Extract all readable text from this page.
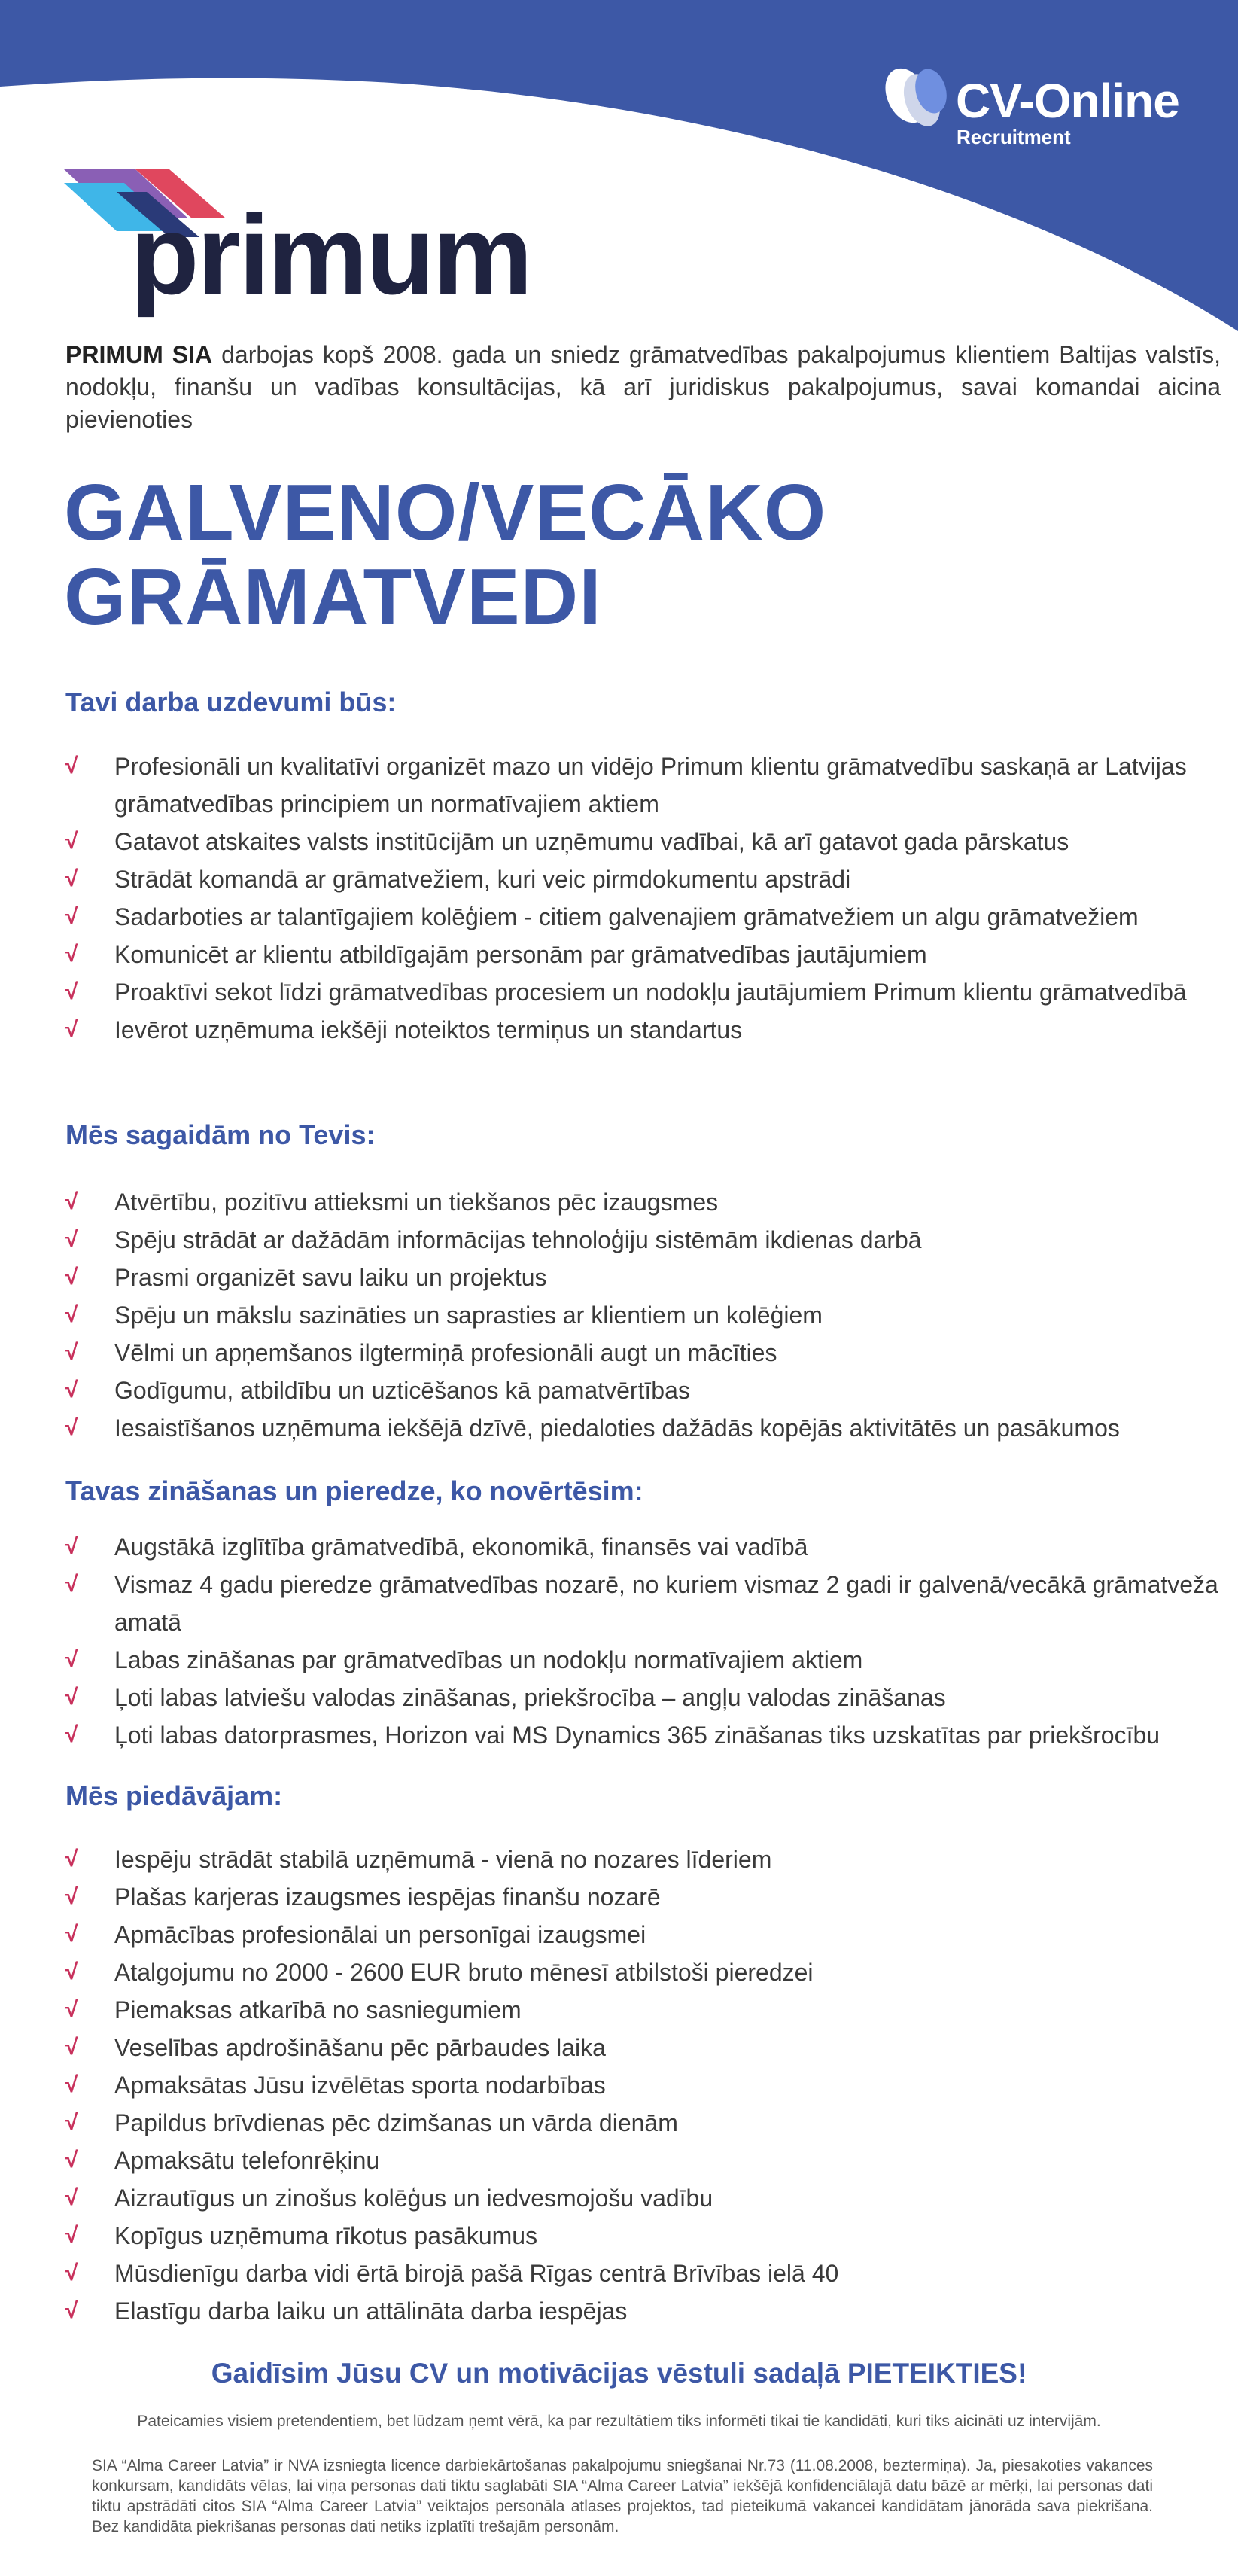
CV-Online
Recruitment
primum
PRIMUM SIA darbojas kopš 2008. gada un sniedz grāmatvedības pakalpojumus klientiem Baltijas valstīs, nodokļu, finanšu un vadības konsultācijas, kā arī juridiskus pakalpojumus, savai komandai aicina pievienoties
GALVENO/VECĀKO
GRĀMATVEDI
Tavi darba uzdevumi būs:
√ Profesionāli un kvalitatīvi organizēt mazo un vidējo Primum klientu grāmatvedību saskaņā ar Latvijas grāmatvedības principiem un normatīvajiem aktiem
√ Gatavot atskaites valsts institūcijām un uzņēmumu vadībai, kā arī gatavot gada pārskatus
√ Strādāt komandā ar grāmatvežiem, kuri veic pirmdokumentu apstrādi
√ Sadarboties ar talantīgajiem kolēģiem - citiem galvenajiem grāmatvežiem un algu grāmatvežiem
√ Komunicēt ar klientu atbildīgajām personām par grāmatvedības jautājumiem
√ Proaktīvi sekot līdzi grāmatvedības procesiem un nodokļu jautājumiem Primum klientu grāmatvedībā
√ Ievērot uzņēmuma iekšēji noteiktos termiņus un standartus
Mēs sagaidām no Tevis:
√ Atvērtību, pozitīvu attieksmi un tiekšanos pēc izaugsmes
√ Spēju strādāt ar dažādām informācijas tehnoloģiju sistēmām ikdienas darbā
√ Prasmi organizēt savu laiku un projektus
√ Spēju un mākslu sazināties un saprasties ar klientiem un kolēģiem
√ Vēlmi un apņemšanos ilgtermiņā profesionāli augt un mācīties
√ Godīgumu, atbildību un uzticēšanos kā pamatvērtības
√ Iesaistīšanos uzņēmuma iekšējā dzīvē, piedaloties dažādās kopējās aktivitātēs un pasākumos
Tavas zināšanas un pieredze, ko novērtēsim:
√ Augstākā izglītība grāmatvedībā, ekonomikā, finansēs vai vadībā
√ Vismaz 4 gadu pieredze grāmatvedības nozarē, no kuriem vismaz 2 gadi ir galvenā/vecākā grāmatveža amatā
√ Labas zināšanas par grāmatvedības un nodokļu normatīvajiem aktiem
√ Ļoti labas latviešu valodas zināšanas, priekšrocība – angļu valodas zināšanas
√ Ļoti labas datorprasmes, Horizon vai MS Dynamics 365 zināšanas tiks uzskatītas par priekšrocību
Mēs piedāvājam:
√ Iespēju strādāt stabilā uzņēmumā - vienā no nozares līderiem
√ Plašas karjeras izaugsmes iespējas finanšu nozarē
√ Apmācības profesionālai un personīgai izaugsmei
√ Atalgojumu no 2000 - 2600 EUR bruto mēnesī atbilstoši pieredzei
√ Piemaksas atkarībā no sasniegumiem
√ Veselības apdrošināšanu pēc pārbaudes laika
√ Apmaksātas Jūsu izvēlētas sporta nodarbības
√ Papildus brīvdienas pēc dzimšanas un vārda dienām
√ Apmaksātu telefonrēķinu
√ Aizrautīgus un zinošus kolēģus un iedvesmojošu vadību
√ Kopīgus uzņēmuma rīkotus pasākumus
√ Mūsdienīgu darba vidi ērtā birojā pašā Rīgas centrā Brīvības ielā 40
√ Elastīgu darba laiku un attālināta darba iespējas
Gaidīsim Jūsu CV un motivācijas vēstuli sadaļā PIETEIKTIES!
Pateicamies visiem pretendentiem, bet lūdzam ņemt vērā, ka par rezultātiem tiks informēti tikai tie kandidāti, kuri tiks aicināti uz intervijām.
SIA “Alma Career Latvia” ir NVA izsniegta licence darbiekārtošanas pakalpojumu sniegšanai Nr.73 (11.08.2008, beztermiņa). Ja, piesakoties vakances konkursam, kandidāts vēlas, lai viņa personas dati tiktu saglabāti SIA “Alma Career Latvia” iekšējā konfidenciālajā datu bāzē ar mērķi, lai personas dati tiktu apstrādāti citos SIA “Alma Career Latvia” veiktajos personāla atlases projektos, tad pieteikumā vakancei kandidātam jānorāda sava piekrišana. Bez kandidāta piekrišanas personas dati netiks izplatīti trešajām personām.
